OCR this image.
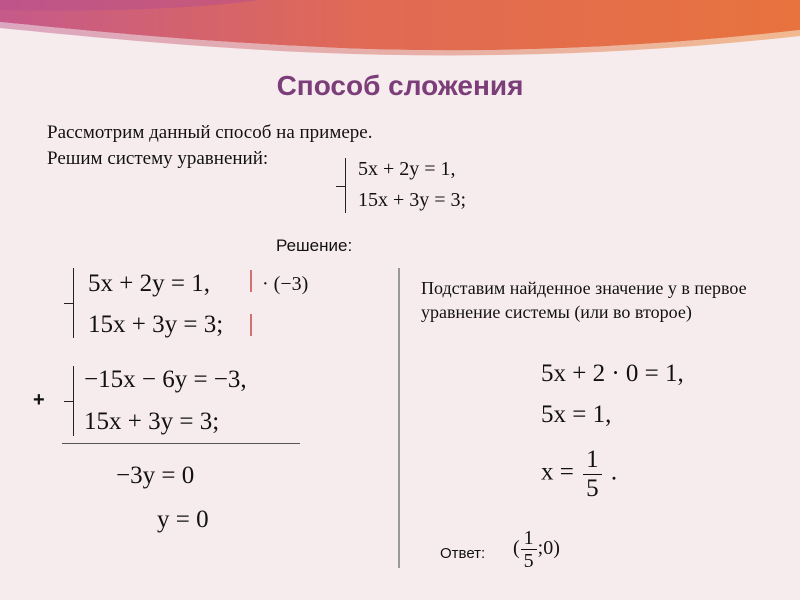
Способ сложения
Рассмотрим данный способ на примере.
Решим систему уравнений:	5x + 2y = 1,
15x + 3y = 3;
Решение:
5x + 2y = 1,
15x + 3y = 3;
· (−3)
+
−15x − 6y = −3,
15x + 3y = 3;
−3y = 0
y = 0
Подставим найденное значение у в первое уравнение системы (или во второе)
5x + 2 · 0 = 1,
5x = 1,
$x = \frac{1}{5}$ .
Ответ: ( $\frac{1}{5}$ ;0)
